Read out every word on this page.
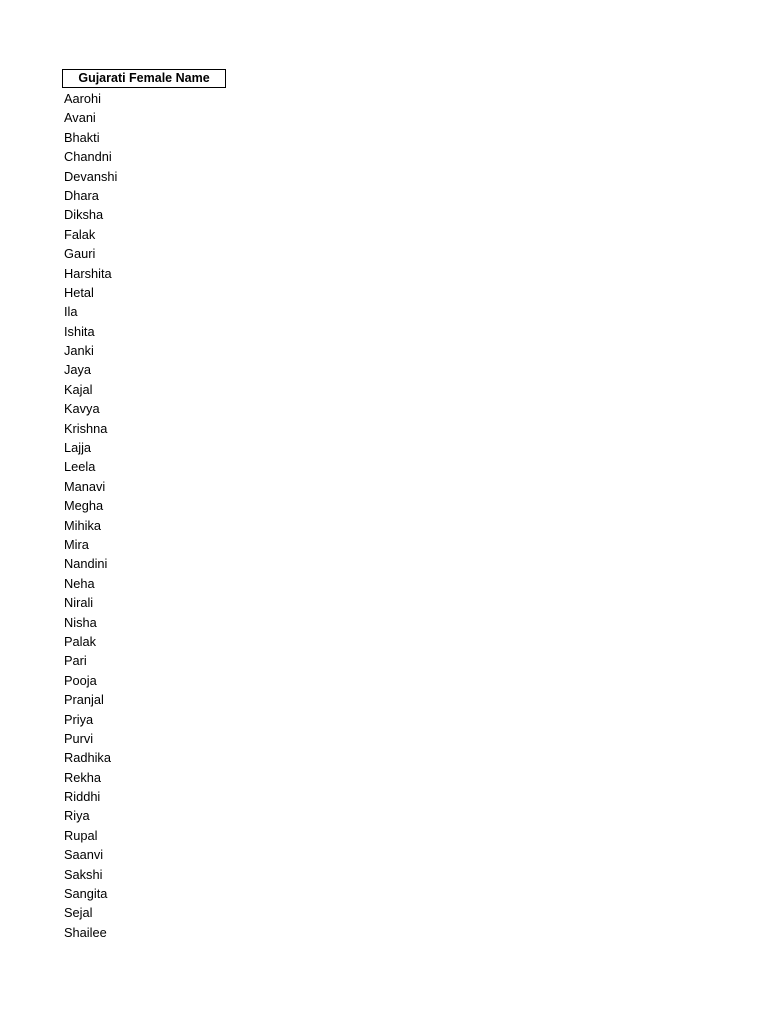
Gujarati Female Name
Aarohi
Avani
Bhakti
Chandni
Devanshi
Dhara
Diksha
Falak
Gauri
Harshita
Hetal
Ila
Ishita
Janki
Jaya
Kajal
Kavya
Krishna
Lajja
Leela
Manavi
Megha
Mihika
Mira
Nandini
Neha
Nirali
Nisha
Palak
Pari
Pooja
Pranjal
Priya
Purvi
Radhika
Rekha
Riddhi
Riya
Rupal
Saanvi
Sakshi
Sangita
Sejal
Shailee
